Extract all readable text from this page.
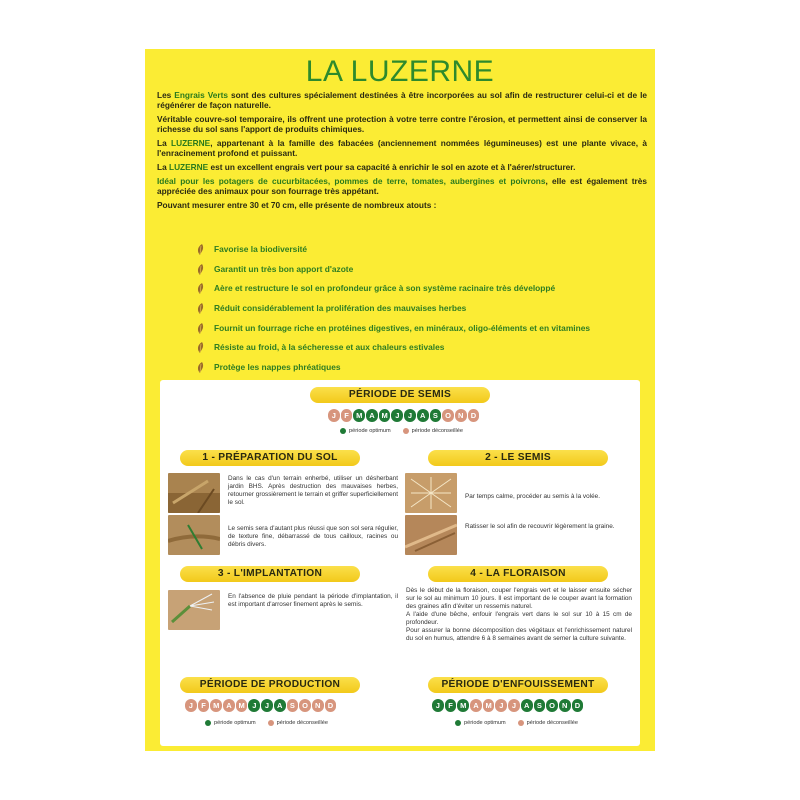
LA LUZERNE

Les Engrais Verts sont des cultures spécialement destinées à être incorporées au sol afin de restructurer celui-ci et de le régénérer de façon naturelle.

Véritable couvre-sol temporaire, ils offrent une protection à votre terre contre l'érosion, et permettent ainsi de conserver la richesse du sol sans l'apport de produits chimiques.

La LUZERNE, appartenant à la famille des fabacées (anciennement nommées légumineuses) est une plante vivace, à l'enracinement profond et puissant.

La LUZERNE est un excellent engrais vert pour sa capacité à enrichir le sol en azote et à l'aérer/structurer.

Idéal pour les potagers de cucurbitacées, pommes de terre, tomates, aubergines et poivrons, elle est également très appréciée des animaux pour son fourrage très appétant.

Pouvant mesurer entre 30 et 70 cm, elle présente de nombreux atouts :

Favorise la biodiversité
Garantit un très bon apport d'azote
Aère et restructure le sol en profondeur grâce à son système racinaire très développé
Réduit considérablement la prolifération des mauvaises herbes
Fournit un fourrage riche en protéines digestives, en minéraux, oligo-éléments et en vitamines
Résiste au froid, à la sécheresse et aux chaleurs estivales
Protège les nappes phréatiques
PÉRIODE DE SEMIS
J	F M A M J	J	A S O N D
période optimum	période déconseillée
1 - PRÉPARATION DU SOL
Dans le cas d'un terrain enherbé, utiliser un désherbant jardin BHS. Après destruction des mauvaises herbes, retourner grossièrement le terrain et griffer superficiellement le sol.
Le semis sera d'autant plus réussi que son sol sera régulier, de texture fine, débarrassé de tous cailloux, racines ou débris divers.
2 - LE SEMIS
Par temps calme, procéder au semis à la volée.
Ratisser le sol afin de recouvrir légèrement la graine.
3 - L'IMPLANTATION
En l'absence de pluie pendant la période d'implantation, il est important d'arroser finement après le semis.
4 - LA FLORAISON
Dès le début de la floraison, couper l'engrais vert et le laisser ensuite sécher sur le sol au minimum 10 jours. Il est important de le couper avant la formation des graines afin d'éviter un ressemis naturel.
A l'aide d'une bêche, enfouir l'engrais vert dans le sol sur 10 à 15 cm de profondeur.
Pour assurer la bonne décomposition des végétaux et l'enrichissement naturel du sol en humus, attendre 6 à 8 semaines avant de semer la culture suivante.
PÉRIODE DE PRODUCTION
J	F M A M J	J	A S O N D
période optimum	période déconseillée
PÉRIODE D'ENFOUISSEMENT
J	F M A M J	J	A S O N D
période optimum	période déconseillée
